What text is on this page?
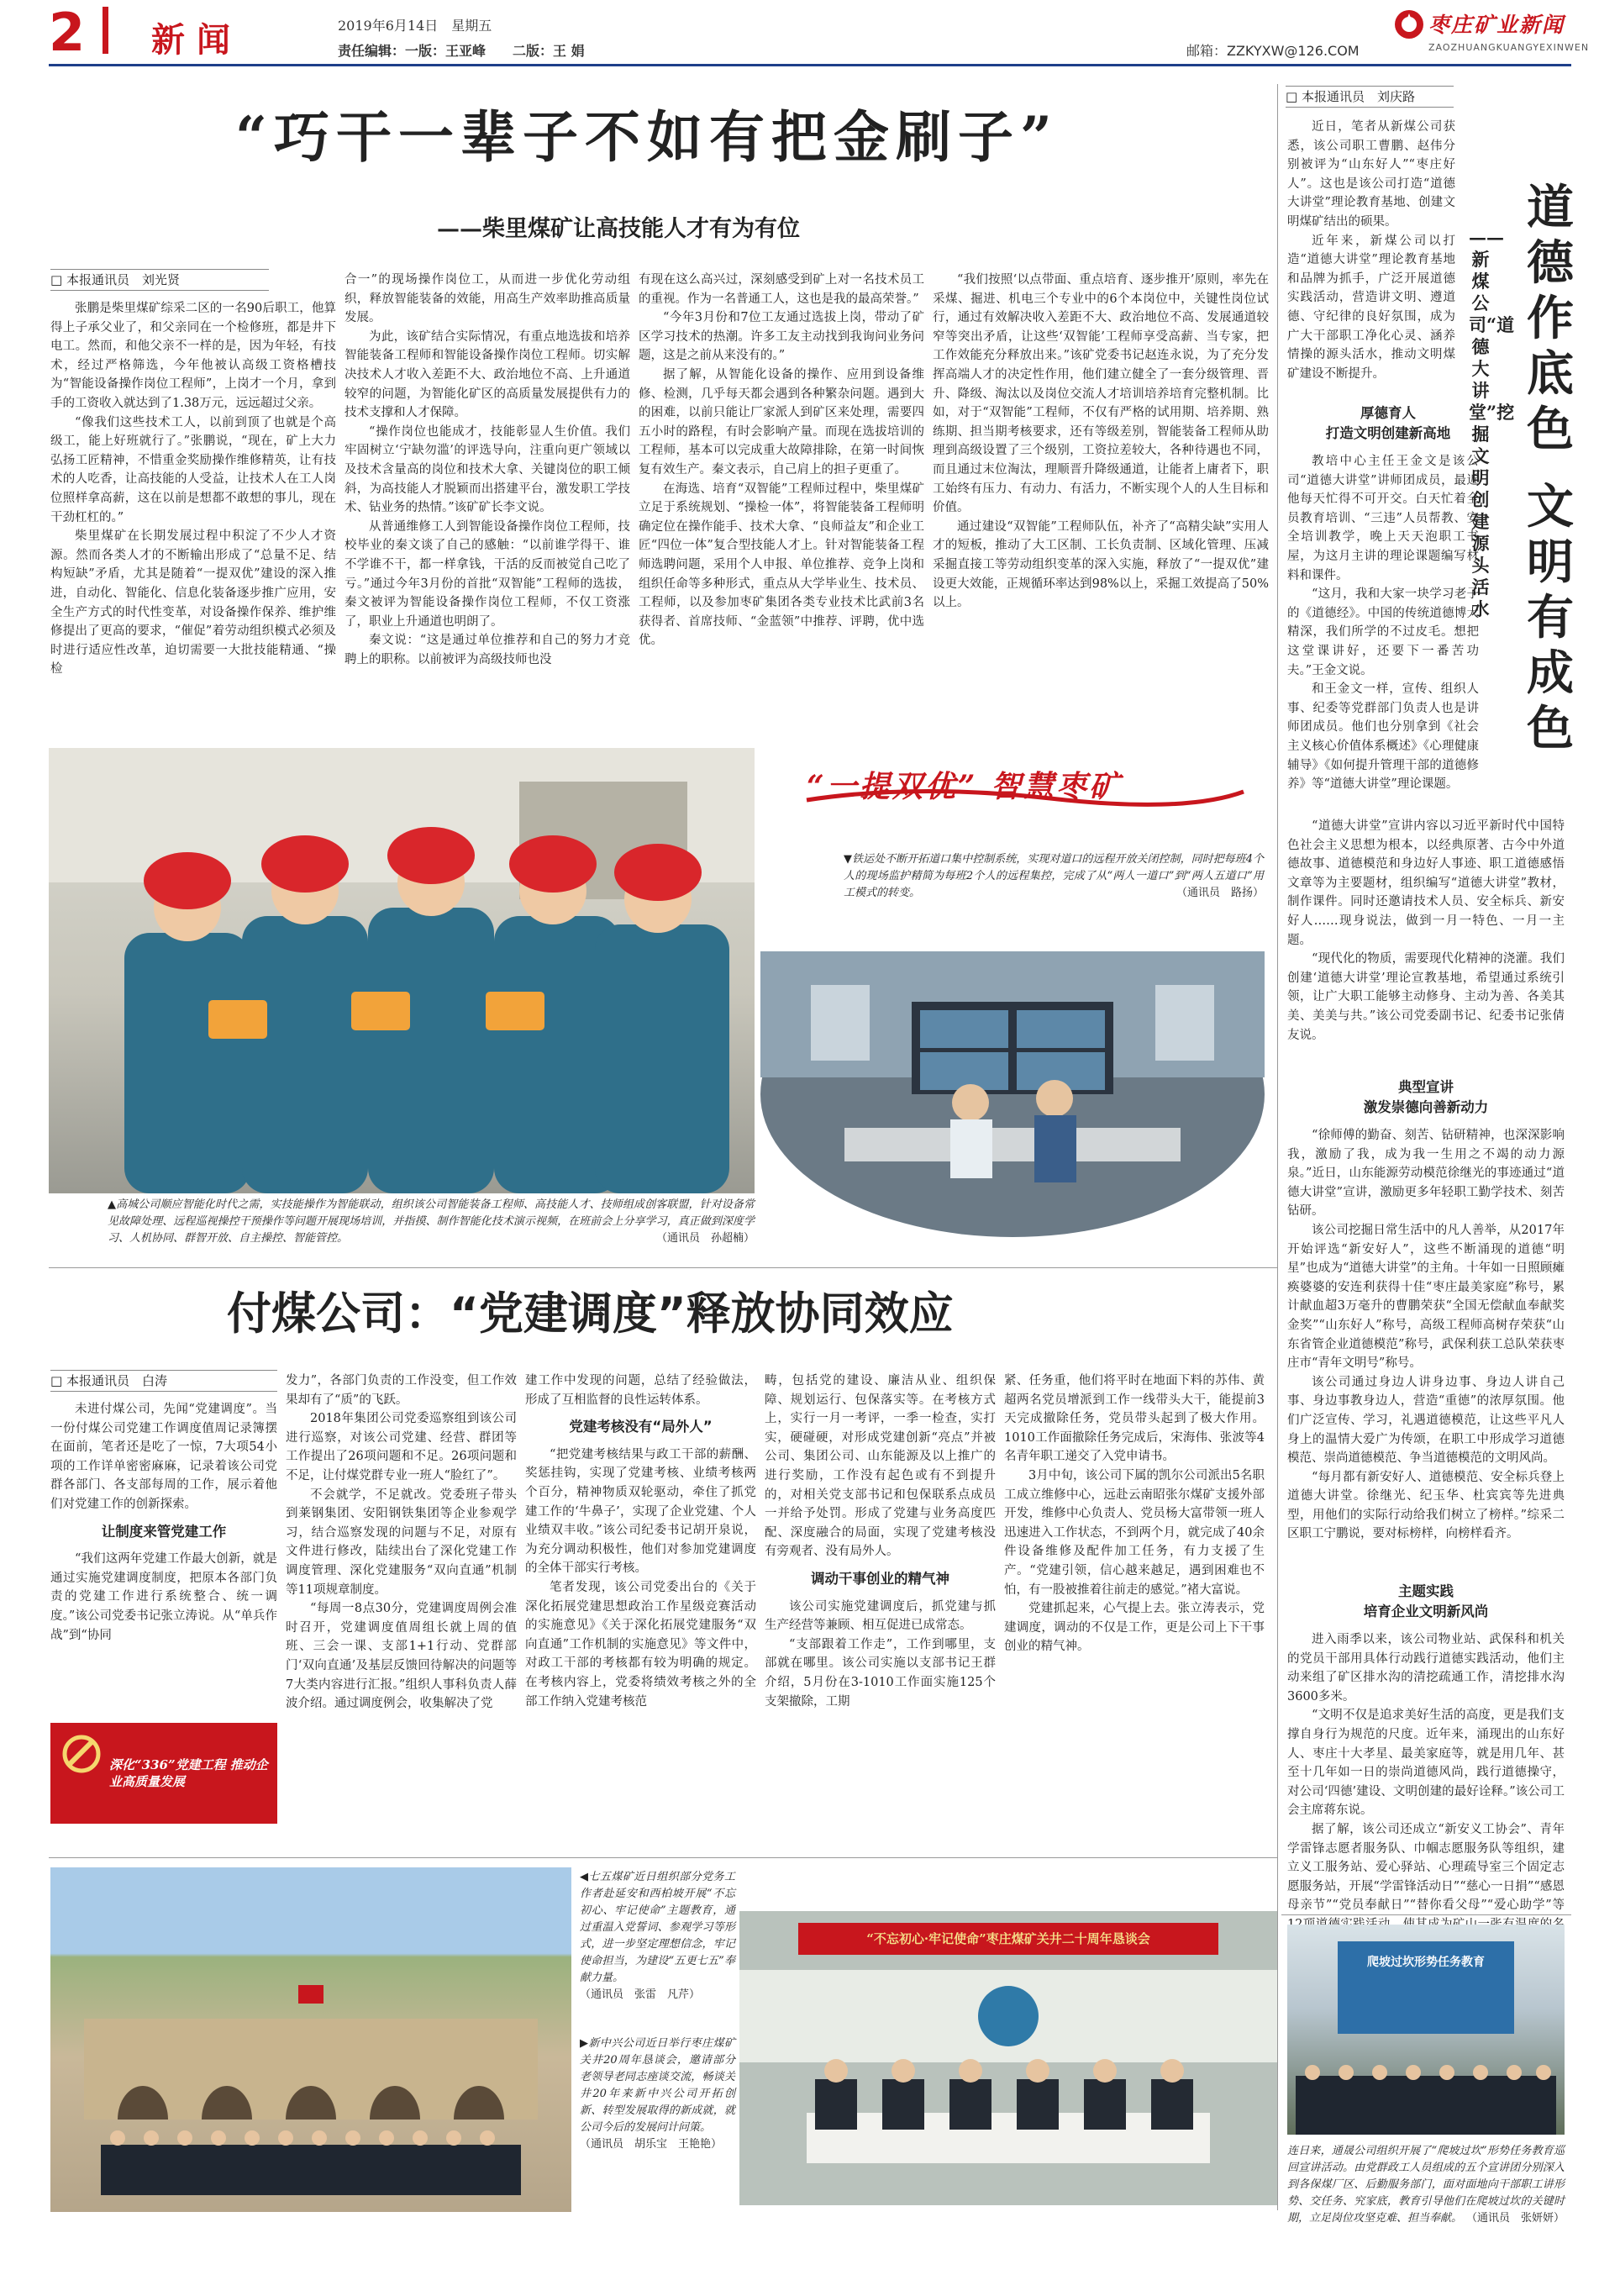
2 新闻	2019年6月14日　星期五
责任编辑：一版：王亚峰　　二版：王 娟	邮箱：ZZKYXW@126.COM
枣庄矿业新闻
ZAOZHUANGKUANGYEXINWEN
“巧干一辈子不如有把金刷子”
——柴里煤矿让高技能人才有为有位
□ 本报通讯员　刘光贤

张鹏是柴里煤矿综采二区的一名90后职工，他算得上子承父业了，和父亲同在一个检修班，都是井下电工。然而，和他父亲不一样的是，因为年轻，有技术，经过严格筛选，今年他被认高级工资格槽技为“智能设备操作岗位工程师”，上岗才一个月，拿到手的工资收入就达到了1.38万元，远远超过父亲。

“像我们这些技术工人，以前到顶了也就是个高级工，能上好班就行了。”张鹏说，“现在，矿上大力弘扬工匠精神，不惜重金奖励操作维修精英，让有技术的人吃香，让高技能的人受益，让技术人在工人岗位照样拿高薪，这在以前是想都不敢想的事儿，现在干劲杠杠的。”

柴里煤矿在长期发展过程中积淀了不少人才资源。然而各类人才的不断输出形成了“总量不足、结构短缺”矛盾，尤其是随着“一提双优”建设的深入推进，自动化、智能化、信息化装备逐步推广应用，安全生产方式的时代性变革，对设备操作保养、维护维修提出了更高的要求，“催促”着劳动组织模式必须及时进行适应性改革，迫切需要一大批技能精通、“操检

合一”的现场操作岗位工，从而进一步优化劳动组织，释放智能装备的效能，用高生产效率助推高质量发展。

为此，该矿结合实际情况，有重点地选拔和培养智能装备工程师和智能设备操作岗位工程师。切实解决技术人才收入差距不大、政治地位不高、上升通道较窄的问题，为智能化矿区的高质量发展提供有力的技术支撑和人才保障。

“操作岗位也能成才，技能彰显人生价值。我们牢固树立‘宁缺勿滥’的评选导向，注重向更广领域以及技术含量高的岗位和技术大拿、关键岗位的职工倾斜，为高技能人才脱颖而出搭建平台，激发职工学技术、钻业务的热情。”该矿矿长李文说。

从普通维修工人到智能设备操作岗位工程师，技校毕业的秦文谈了自己的感触：“以前谁学得干、谁不学谁不干，都一样拿钱，干活的反而被觉自己吃了亏。”通过今年3月份的首批“双智能”工程师的选拔，秦文被评为智能设备操作岗位工程师，不仅工资涨了，职业上升通道也明朗了。

秦文说：“这是通过单位推荐和自己的努力才竞聘上的职称。以前被评为高级技师也没

有现在这么高兴过，深刻感受到矿上对一名技术员工的重视。作为一名普通工人，这也是我的最高荣誉。”

“今年3月份和7位工友通过选拔上岗，带动了矿区学习技术的热潮。许多工友主动找到我询问业务问题，这是之前从来没有的。”

据了解，从智能化设备的操作、应用到设备维修、检测，几乎每天都会遇到各种繁杂问题。遇到大的困难，以前只能让厂家派人到矿区来处理，需要四五小时的路程，有时会影响产量。而现在选拔培训的工程师，基本可以完成重大故障排除，在第一时间恢复有效生产。秦文表示，自己肩上的担子更重了。

在海选、培育“双智能”工程师过程中，柴里煤矿立足于系统规划、“操检一体”，将智能装备工程师明确定位在操作能手、技术大拿、“良师益友”和企业工匠“四位一体”复合型技能人才上。针对智能装备工程师选聘问题，采用个人申报、单位推荐、竞争上岗和组织任命等多种形式，重点从大学毕业生、技术员、工程师，以及参加枣矿集团各类专业技术比武前3名获得者、首席技师、“金蓝领”中推荐、评聘，优中选优。

“我们按照‘以点带面、重点培育、逐步推开’原则，率先在采煤、掘进、机电三个专业中的6个本岗位中，关键性岗位试行，通过有效解决收入差距不大、政治地位不高、发展通道较窄等突出矛盾，让这些‘双智能’工程师享受高薪、当专家，把工作效能充分释放出来。”该矿党委书记赵连永说，为了充分发挥高端人才的决定性作用，他们建立健全了一套分级管理、晋升、降级、淘汰以及岗位交流人才培训培养培育完整机制。比如，对于“双智能”工程师，不仅有严格的试用期、培养期、熟练期、担当期考核要求，还有等级差别，智能装备工程师从助理到高级设置了三个级别，工资拉差较大，各种待遇也不同，而且通过末位淘汰，理顺晋升降级通道，让能者上庸者下，职工始终有压力、有动力、有活力，不断实现个人的人生目标和价值。

通过建设“双智能”工程师队伍，补齐了“高精尖缺”实用人才的短板，推动了大工区制、工长负责制、区域化管理、压减采掘直接工等劳动组织变革的深入实施，释放了“一提双优”建设更大效能，正规循环率达到98%以上，采掘工效提高了50%以上。

▲高城公司顺应智能化时代之需，实技能操作为智能联动，组织该公司智能装备工程师、高技能人才、技师组成创客联盟，针对设备常见故障处理、远程巡视操控干预操作等问题开展现场培训，并指摸、制作智能化技术演示视频，在班前会上分享学习，真正做到深度学习、人机协同、群智开放、自主操控、智能管控。	（通讯员　孙超楠）
“一提双优” 智慧枣矿
▼铁运处不断开拓道口集中控制系统，实现对道口的远程开放关闭控制，同时把每班4个人的现场监护精简为每班2个人的远程集控，完成了从“两人一道口”到“两人五道口”用工模式的转变。	（通讯员　路扬）
付煤公司：“党建调度”释放协同效应
□ 本报通讯员　白涛

未进付煤公司，先闻“党建调度”。当一份付煤公司党建工作调度值周记录簿摆在面前，笔者还是吃了一惊，7大项54小项的工作详单密密麻麻，记录着该公司党群各部门、各支部每周的工作，展示着他们对党建工作的创新探索。

让制度来管党建工作

“我们这两年党建工作最大创新，就是通过实施党建调度制度，把原本各部门负责的党建工作进行系统整合、统一调度。”该公司党委书记张立涛说。从“单兵作战”到“协同

深化“336”党建工程 推动企业高质量发展

发力”，各部门负责的工作没变，但工作效果却有了“质”的飞跃。

2018年集团公司党委巡察组到该公司进行巡察，对该公司党建、经营、群团等工作提出了26项问题和不足。26项问题和不足，让付煤党群专业一班人“脸红了”。

不会就学，不足就改。党委班子带头到莱钢集团、安阳钢铁集团等企业参观学习，结合巡察发现的问题与不足，对原有文件进行修改，陆续出台了深化党建工作调度管理、深化党建服务“双向直通”机制等11项规章制度。

“每周一8点30分，党建调度周例会准时召开，党建调度值周组长就上周的值班、三会一课、支部1+1行动、党群部门‘双向直通’及基层反馈回待解决的问题等7大类内容进行汇报。”组织人事科负责人薛波介绍。通过调度例会，收集解决了党

建工作中发现的问题，总结了经验做法，形成了互相监督的良性运转体系。

党建考核没有“局外人”

“把党建考核结果与政工干部的薪酬、奖惩挂钩，实现了党建考核、业绩考核两个百分，精神物质双轮驱动，牵住了抓党建工作的‘牛鼻子’，实现了企业党建、个人业绩双丰收。”该公司纪委书记胡开泉说，为充分调动积极性，他们对参加党建调度的全体干部实行考核。

笔者发现，该公司党委出台的《关于深化拓展党建思想政治工作星级竞赛活动的实施意见》《关于深化拓展党建服务“双向直通”工作机制的实施意见》等文件中，对政工干部的考核都有较为明确的规定。在考核内容上，党委将绩效考核之外的全部工作纳入党建考核范

畴，包括党的建设、廉洁从业、组织保障、规划运行、包保落实等。在考核方式上，实行一月一考评，一季一检查，实打实，硬碰硬，对形成党建创新“亮点”并被公司、集团公司、山东能源及以上推广的进行奖励，工作没有起色或有不到提升的，对相关党支部书记和包保联系点成员一并给予处罚。形成了党建与业务高度匹配、深度融合的局面，实现了党建考核没有旁观者、没有局外人。

调动干事创业的精气神

该公司实施党建调度后，抓党建与抓生产经营等兼顾、相互促进已成常态。

“支部跟着工作走”，工作到哪里，支部就在哪里。该公司实施以支部书记王群介绍，5月份在3-1010工作面实施125个支架撤除，工期

紧、任务重，他们将平时在地面下料的苏伟、黄超两名党员增派到工作一线带头大干，能提前3天完成撤除任务，党员带头起到了极大作用。1010工作面撤除任务完成后，宋海伟、张波等4名青年职工递交了入党申请书。

3月中旬，该公司下属的凯尔公司派出5名职工成立维修中心，远赴云南昭张尔煤矿支援外部开发，维修中心负责人、党员杨大富带领一班人迅速进入工作状态，不到两个月，就完成了40余件设备维修及配件加工任务，有力支援了生产。“党建引领，信心越来越足，遇到困难也不怕，有一股被推着往前走的感觉。”褚大富说。

党建抓起来，心气提上去。张立涛表示，党建调度，调动的不仅是工作，更是公司上下干事创业的精气神。

◀七五煤矿近日组织部分党务工作者赴延安和西柏坡开展“不忘初心、牢记使命”主题教育，通过重温入党誓词、参观学习等形式，进一步坚定理想信念，牢记使命担当，为建设“五更七五”奉献力量。
（通讯员　张雷　凡芹）
“不忘初心·牢记使命”枣庄煤矿关井二十周年恳谈会
▶新中兴公司近日举行枣庄煤矿关井20周年恳谈会，邀请部分老领导老同志座谈交流，畅谈关井20年来新中兴公司开拓创新、转型发展取得的新成就，就公司今后的发展问计问策。
（通讯员　胡乐宝　王艳艳）
□ 本报通讯员　刘庆路

近日，笔者从新煤公司获悉，该公司职工曹鹏、赵伟分别被评为“山东好人”“枣庄好人”。这也是该公司打造“道德大讲堂”理论教育基地、创建文明煤矿结出的硕果。

近年来，新煤公司以打造“道德大讲堂”理论教育基地和品牌为抓手，广泛开展道德实践活动，营造讲文明、遵道德、守纪律的良好氛围，成为广大干部职工净化心灵、涵养情操的源头活水，推动文明煤矿建设不断提升。

道德作底色
文明有成色
——新煤公司“道德大讲堂”挖掘文明创建源头活水
厚德育人
打造文明创建新高地

教培中心主任王金文是该公司“道德大讲堂”讲师团成员，最近他每天忙得不可开交。白天忙着全员教育培训、“三违”人员帮教、安全培训教学，晚上天天泡职工书屋，为这月主讲的理论课题编写材料和课件。

“这月，我和大家一块学习老子的《道德经》。中国的传统道德博大精深，我们所学的不过皮毛。想把这堂课讲好，还要下一番苦功夫。”王金文说。

和王金文一样，宣传、组织人事、纪委等党群部门负责人也是讲师团成员。他们也分别拿到《社会主义核心价值体系概述》《心理健康辅导》《如何提升管理干部的道德修养》等“道德大讲堂”理论课题。

“道德大讲堂”宣讲内容以习近平新时代中国特色社会主义思想为根本，以经典原著、古今中外道德故事、道德模范和身边好人事迹、职工道德感悟文章等为主要题材，组织编写“道德大讲堂”教材，制作课件。同时还邀请技术人员、安全标兵、新安好人……现身说法，做到一月一特色、一月一主题。

“现代化的物质，需要现代化精神的浇灌。我们创建‘道德大讲堂’理论宣教基地，希望通过系统引领，让广大职工能够主动修身、主动为善、各美其美、美美与共。”该公司党委副书记、纪委书记张倩友说。

典型宣讲
激发崇德向善新动力

“徐师傅的勤奋、刻苦、钻研精神，也深深影响我，激励了我，成为我一生用之不竭的动力源泉。”近日，山东能源劳动模范徐继光的事迹通过“道德大讲堂”宣讲，激励更多年轻职工勤学技术、刻苦钻研。

该公司挖掘日常生活中的凡人善举，从2017年开始评选“新安好人”，这些不断涌现的道德“明星”也成为“道德大讲堂”的主角。十年如一日照顾瘫痪婆婆的安连利获得十佳“枣庄最美家庭”称号，累计献血超3万毫升的曹鹏荣获“全国无偿献血奉献奖金奖”“山东好人”称号，高级工程师高树存荣获“山东省管企业道德模范”称号，武保利获工总队荣获枣庄市“青年文明号”称号。

该公司通过身边人讲身边事、身边人讲自己事、身边事教身边人，营造“重德”的浓厚氛围。他们广泛宣传、学习，礼遇道德模范，让这些平凡人身上的温情大爱广为传颂，在职工中形成学习道德模范、崇尚道德模范、争当道德模范的文明风尚。

“每月都有新安好人、道德模范、安全标兵登上道德大讲堂。徐继光、纪玉华、杜宾宾等先进典型，用他们的实际行动给我们树立了榜样。”综采二区职工宁鹏说，要对标榜样，向榜样看齐。

主题实践
培育企业文明新风尚

进入雨季以来，该公司物业站、武保科和机关的党员干部用具体行动践行道德实践活动，他们主动来组了矿区排水沟的清挖疏通工作，清挖排水沟3600多米。

“文明不仅是追求美好生活的高度，更是我们支撑自身行为规范的尺度。近年来，涌现出的山东好人、枣庄十大孝星、最美家庭等，就是用几年、甚至十几年如一日的崇尚道德风尚，践行道德操守，对公司‘四德’建设、文明创建的最好诠释。”该公司工会主席蒋东说。

据了解，该公司还成立“新安义工协会”、青年学雷锋志愿者服务队、巾帼志愿服务队等组织，建立义工服务站、爱心驿站、心理疏导室三个固定志愿服务站，开展“学雷锋活动日”“慈心一日捐”“感恩母亲节”“党员奉献日”“替你看父母”“爱心助学”等

爬坡过坎形势任务教育
连日来，通晟公司组织开展了“爬坡过坎”形势任务教育巡回宣讲活动。由党群政工人员组成的五个宣讲团分别深入到各保煤厂区、后勤服务部门，面对面地向干部职工讲形势、交任务、究家底，教育引导他们在爬坡过坎的关键时期，立足岗位攻坚克难、担当奉献。 （通讯员　张妍妍）
